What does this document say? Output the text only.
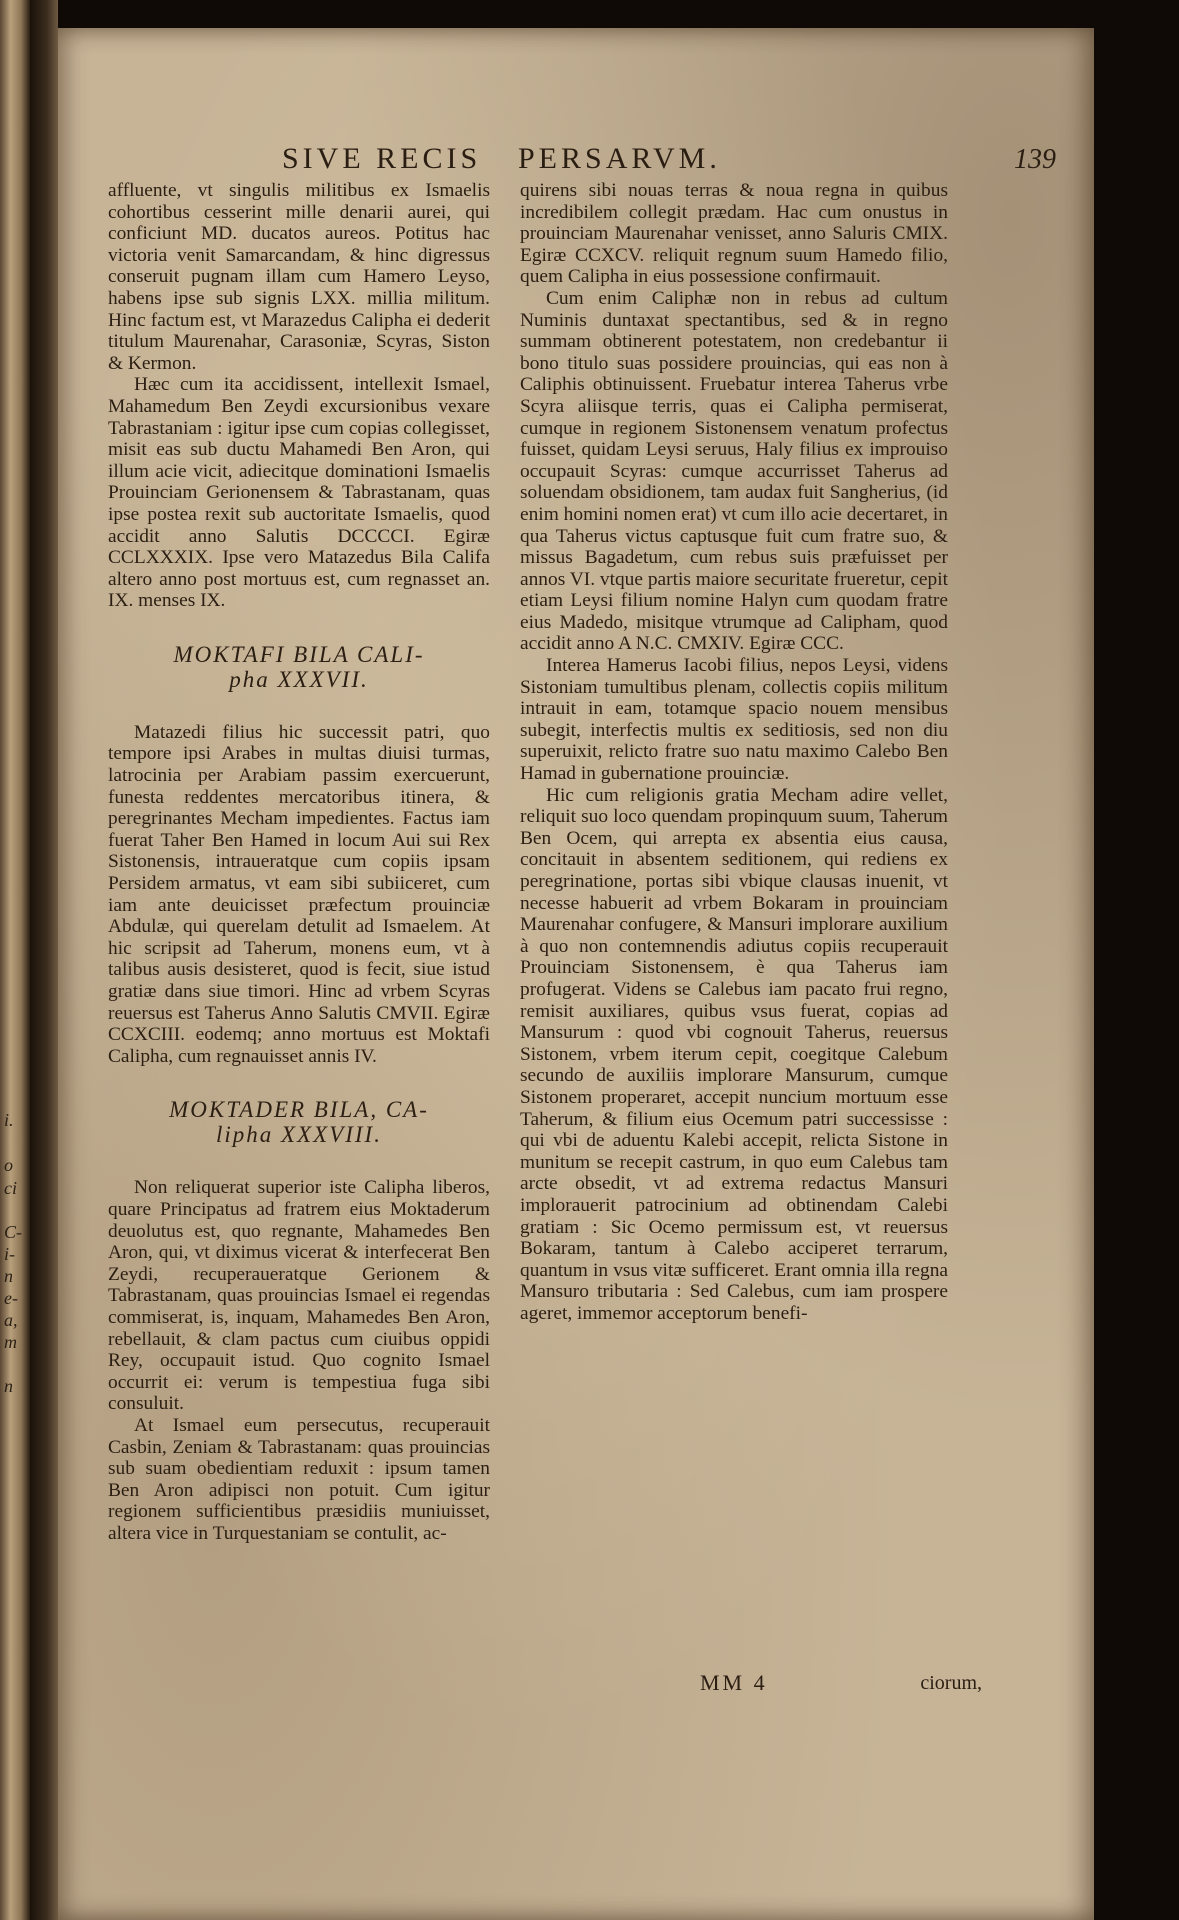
i.
o
ci
C-
i-
n
e-
a,
m
n
SIVE RECIS PERSARVM.	139

affluente, vt singulis militibus ex Ismaelis cohortibus cesserint mille denarii aurei, qui conficiunt MD. ducatos aureos. Potitus hac victoria venit Samarcandam, & hinc digressus conseruit pugnam illam cum Hamero Leyso, habens ipse sub signis LXX. millia militum. Hinc factum est, vt Marazedus Calipha ei dederit titulum Maurenahar, Carasoniæ, Scyras, Siston & Kermon.

Hæc cum ita accidissent, intellexit Ismael, Mahamedum Ben Zeydi excursionibus vexare Tabrastaniam : igitur ipse cum copias collegisset, misit eas sub ductu Mahamedi Ben Aron, qui illum acie vicit, adiecitque dominationi Ismaelis Prouinciam Gerionensem & Tabrastanam, quas ipse postea rexit sub auctoritate Ismaelis, quod accidit anno Salutis DCCCCI. Egiræ CCLXXXIX. Ipse vero Matazedus Bila Califa altero anno post mortuus est, cum regnasset an. IX. menses IX.

MOKTAFI BILA CALI-
pha XXXVII.

Matazedi filius hic successit patri, quo tempore ipsi Arabes in multas diuisi turmas, latrocinia per Arabiam passim exercuerunt, funesta reddentes mercatoribus itinera, & peregrinantes Mecham impedientes. Factus iam fuerat Taher Ben Hamed in locum Aui sui Rex Sistonensis, intraueratque cum copiis ipsam Persidem armatus, vt eam sibi subiiceret, cum iam ante deuicisset præfectum prouinciæ Abdulæ, qui querelam detulit ad Ismaelem. At hic scripsit ad Taherum, monens eum, vt à talibus ausis desisteret, quod is fecit, siue istud gratiæ dans siue timori. Hinc ad vrbem Scyras reuersus est Taherus Anno Salutis CMVII. Egiræ CCXCIII. eodemq; anno mortuus est Moktafi Calipha, cum regnauisset annis IV.

MOKTADER BILA, CA-
lipha XXXVIII.

Non reliquerat superior iste Calipha liberos, quare Principatus ad fratrem eius Moktaderum deuolutus est, quo regnante, Mahamedes Ben Aron, qui, vt diximus vicerat & interfecerat Ben Zeydi, recuperaueratque Gerionem & Tabrastanam, quas prouincias Ismael ei regendas commiserat, is, inquam, Mahamedes Ben Aron, rebellauit, & clam pactus cum ciuibus oppidi Rey, occupauit istud. Quo cognito Ismael occurrit ei: verum is tempestiua fuga sibi consuluit.

At Ismael eum persecutus, recuperauit Casbin, Zeniam & Tabrastanam: quas prouincias sub suam obedientiam reduxit : ipsum tamen Ben Aron adipisci non potuit. Cum igitur regionem sufficientibus præsidiis muniuisset, altera vice in Turquestaniam se contulit, ac-

quirens sibi nouas terras & noua regna in quibus incredibilem collegit prædam. Hac cum onustus in prouinciam Maurenahar venisset, anno Saluris CMIX. Egiræ CCXCV. reliquit regnum suum Hamedo filio, quem Calipha in eius possessione confirmauit.

Cum enim Caliphæ non in rebus ad cultum Numinis duntaxat spectantibus, sed & in regno summam obtinerent potestatem, non credebantur ii bono titulo suas possidere prouincias, qui eas non à Caliphis obtinuissent. Fruebatur interea Taherus vrbe Scyra aliisque terris, quas ei Calipha permiserat, cumque in regionem Sistonensem venatum profectus fuisset, quidam Leysi seruus, Haly filius ex improuiso occupauit Scyras: cumque accurrisset Taherus ad soluendam obsidionem, tam audax fuit Sangherius, (id enim homini nomen erat) vt cum illo acie decertaret, in qua Taherus victus captusque fuit cum fratre suo, & missus Bagadetum, cum rebus suis præfuisset per annos VI. vtque partis maiore securitate frueretur, cepit etiam Leysi filium nomine Halyn cum quodam fratre eius Madedo, misitque vtrumque ad Calipham, quod accidit anno A N.C. CMXIV. Egiræ CCC.

Interea Hamerus Iacobi filius, nepos Leysi, videns Sistoniam tumultibus plenam, collectis copiis militum intrauit in eam, totamque spacio nouem mensibus subegit, interfectis multis ex seditiosis, sed non diu superuixit, relicto fratre suo natu maximo Calebo Ben Hamad in gubernatione prouinciæ.

Hic cum religionis gratia Mecham adire vellet, reliquit suo loco quendam propinquum suum, Taherum Ben Ocem, qui arrepta ex absentia eius causa, concitauit in absentem seditionem, qui rediens ex peregrinatione, portas sibi vbique clausas inuenit, vt necesse habuerit ad vrbem Bokaram in prouinciam Maurenahar confugere, & Mansuri implorare auxilium à quo non contemnendis adiutus copiis recuperauit Prouinciam Sistonensem, è qua Taherus iam profugerat. Videns se Calebus iam pacato frui regno, remisit auxiliares, quibus vsus fuerat, copias ad Mansurum : quod vbi cognouit Taherus, reuersus Sistonem, vrbem iterum cepit, coegitque Calebum secundo de auxiliis implorare Mansurum, cumque Sistonem properaret, accepit nuncium mortuum esse Taherum, & filium eius Ocemum patri successisse : qui vbi de aduentu Kalebi accepit, relicta Sistone in munitum se recepit castrum, in quo eum Calebus tam arcte obsedit, vt ad extrema redactus Mansuri implorauerit patrocinium ad obtinendam Calebi gratiam : Sic Ocemo permissum est, vt reuersus Bokaram, tantum à Calebo acciperet terrarum, quantum in vsus vitæ sufficeret. Erant omnia illa regna Mansuro tributaria : Sed Calebus, cum iam prospere ageret, immemor acceptorum benefi-

MM 4	ciorum,
